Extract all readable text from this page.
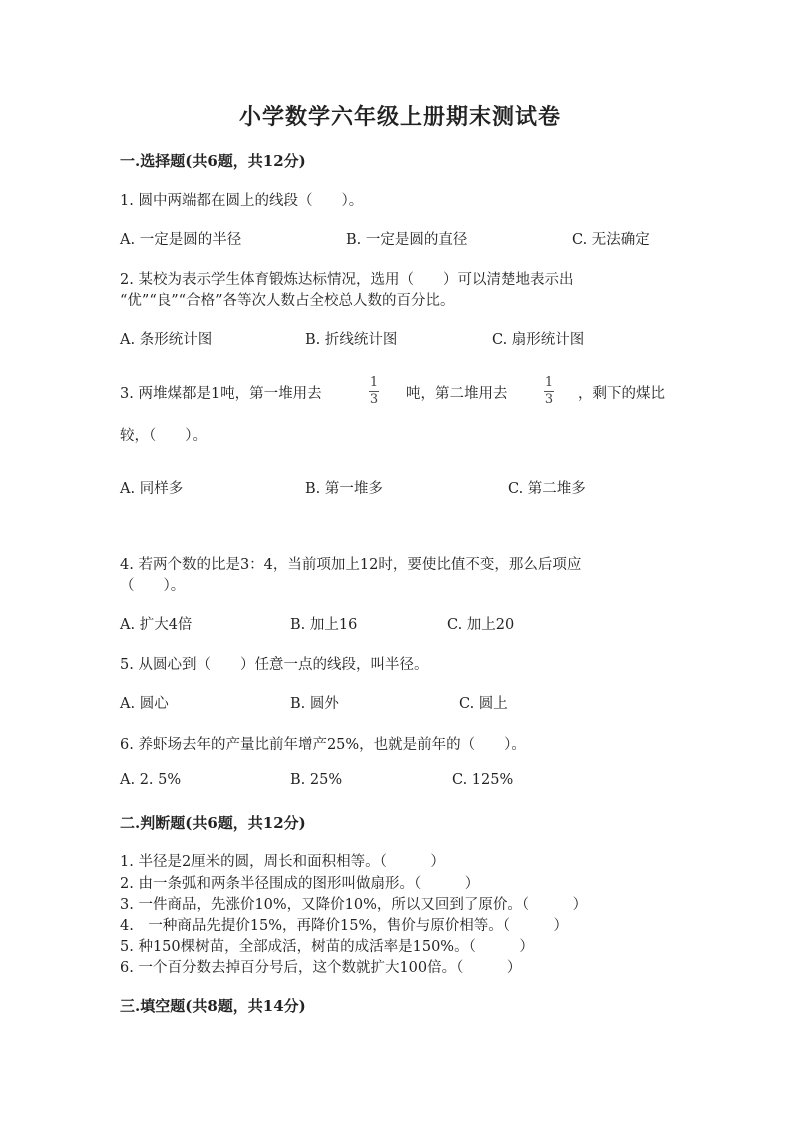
小学数学六年级上册期末测试卷
一.选择题(共6题，共12分)
1. 圆中两端都在圆上的线段（　　）。
A. 一定是圆的半径	B. 一定是圆的直径	C. 无法确定
2. 某校为表示学生体育锻炼达标情况，选用（　　）可以清楚地表示出
“优”“良”“合格”各等次人数占全校总人数的百分比。
A. 条形统计图	B. 折线统计图	C. 扇形统计图
3. 两堆煤都是1吨，第一堆用去
1
3 吨，第二堆用去
1
3 ，剩下的煤比
较，（　　）。
A. 同样多	B. 第一堆多	C. 第二堆多
4. 若两个数的比是3：4，当前项加上12时，要使比值不变，那么后项应
（　　）。
A. 扩大4倍	B. 加上16	C. 加上20
5. 从圆心到（　　）任意一点的线段，叫半径。
A. 圆心	B. 圆外	C. 圆上
6. 养虾场去年的产量比前年增产25%，也就是前年的（　　）。
A. 2. 5%	B. 25%	C. 125%
二.判断题(共6题，共12分)
1. 半径是2厘米的圆，周长和面积相等。（　　　）
2. 由一条弧和两条半径围成的图形叫做扇形。（　　　）
3. 一件商品，先涨价10%，又降价10%，所以又回到了原价。（　　　）
4.　一种商品先提价15%，再降价15%，售价与原价相等。（　　　）
5. 种150棵树苗，全部成活，树苗的成活率是150%。（　　　）
6. 一个百分数去掉百分号后，这个数就扩大100倍。（　　　）
三.填空题(共8题，共14分)
